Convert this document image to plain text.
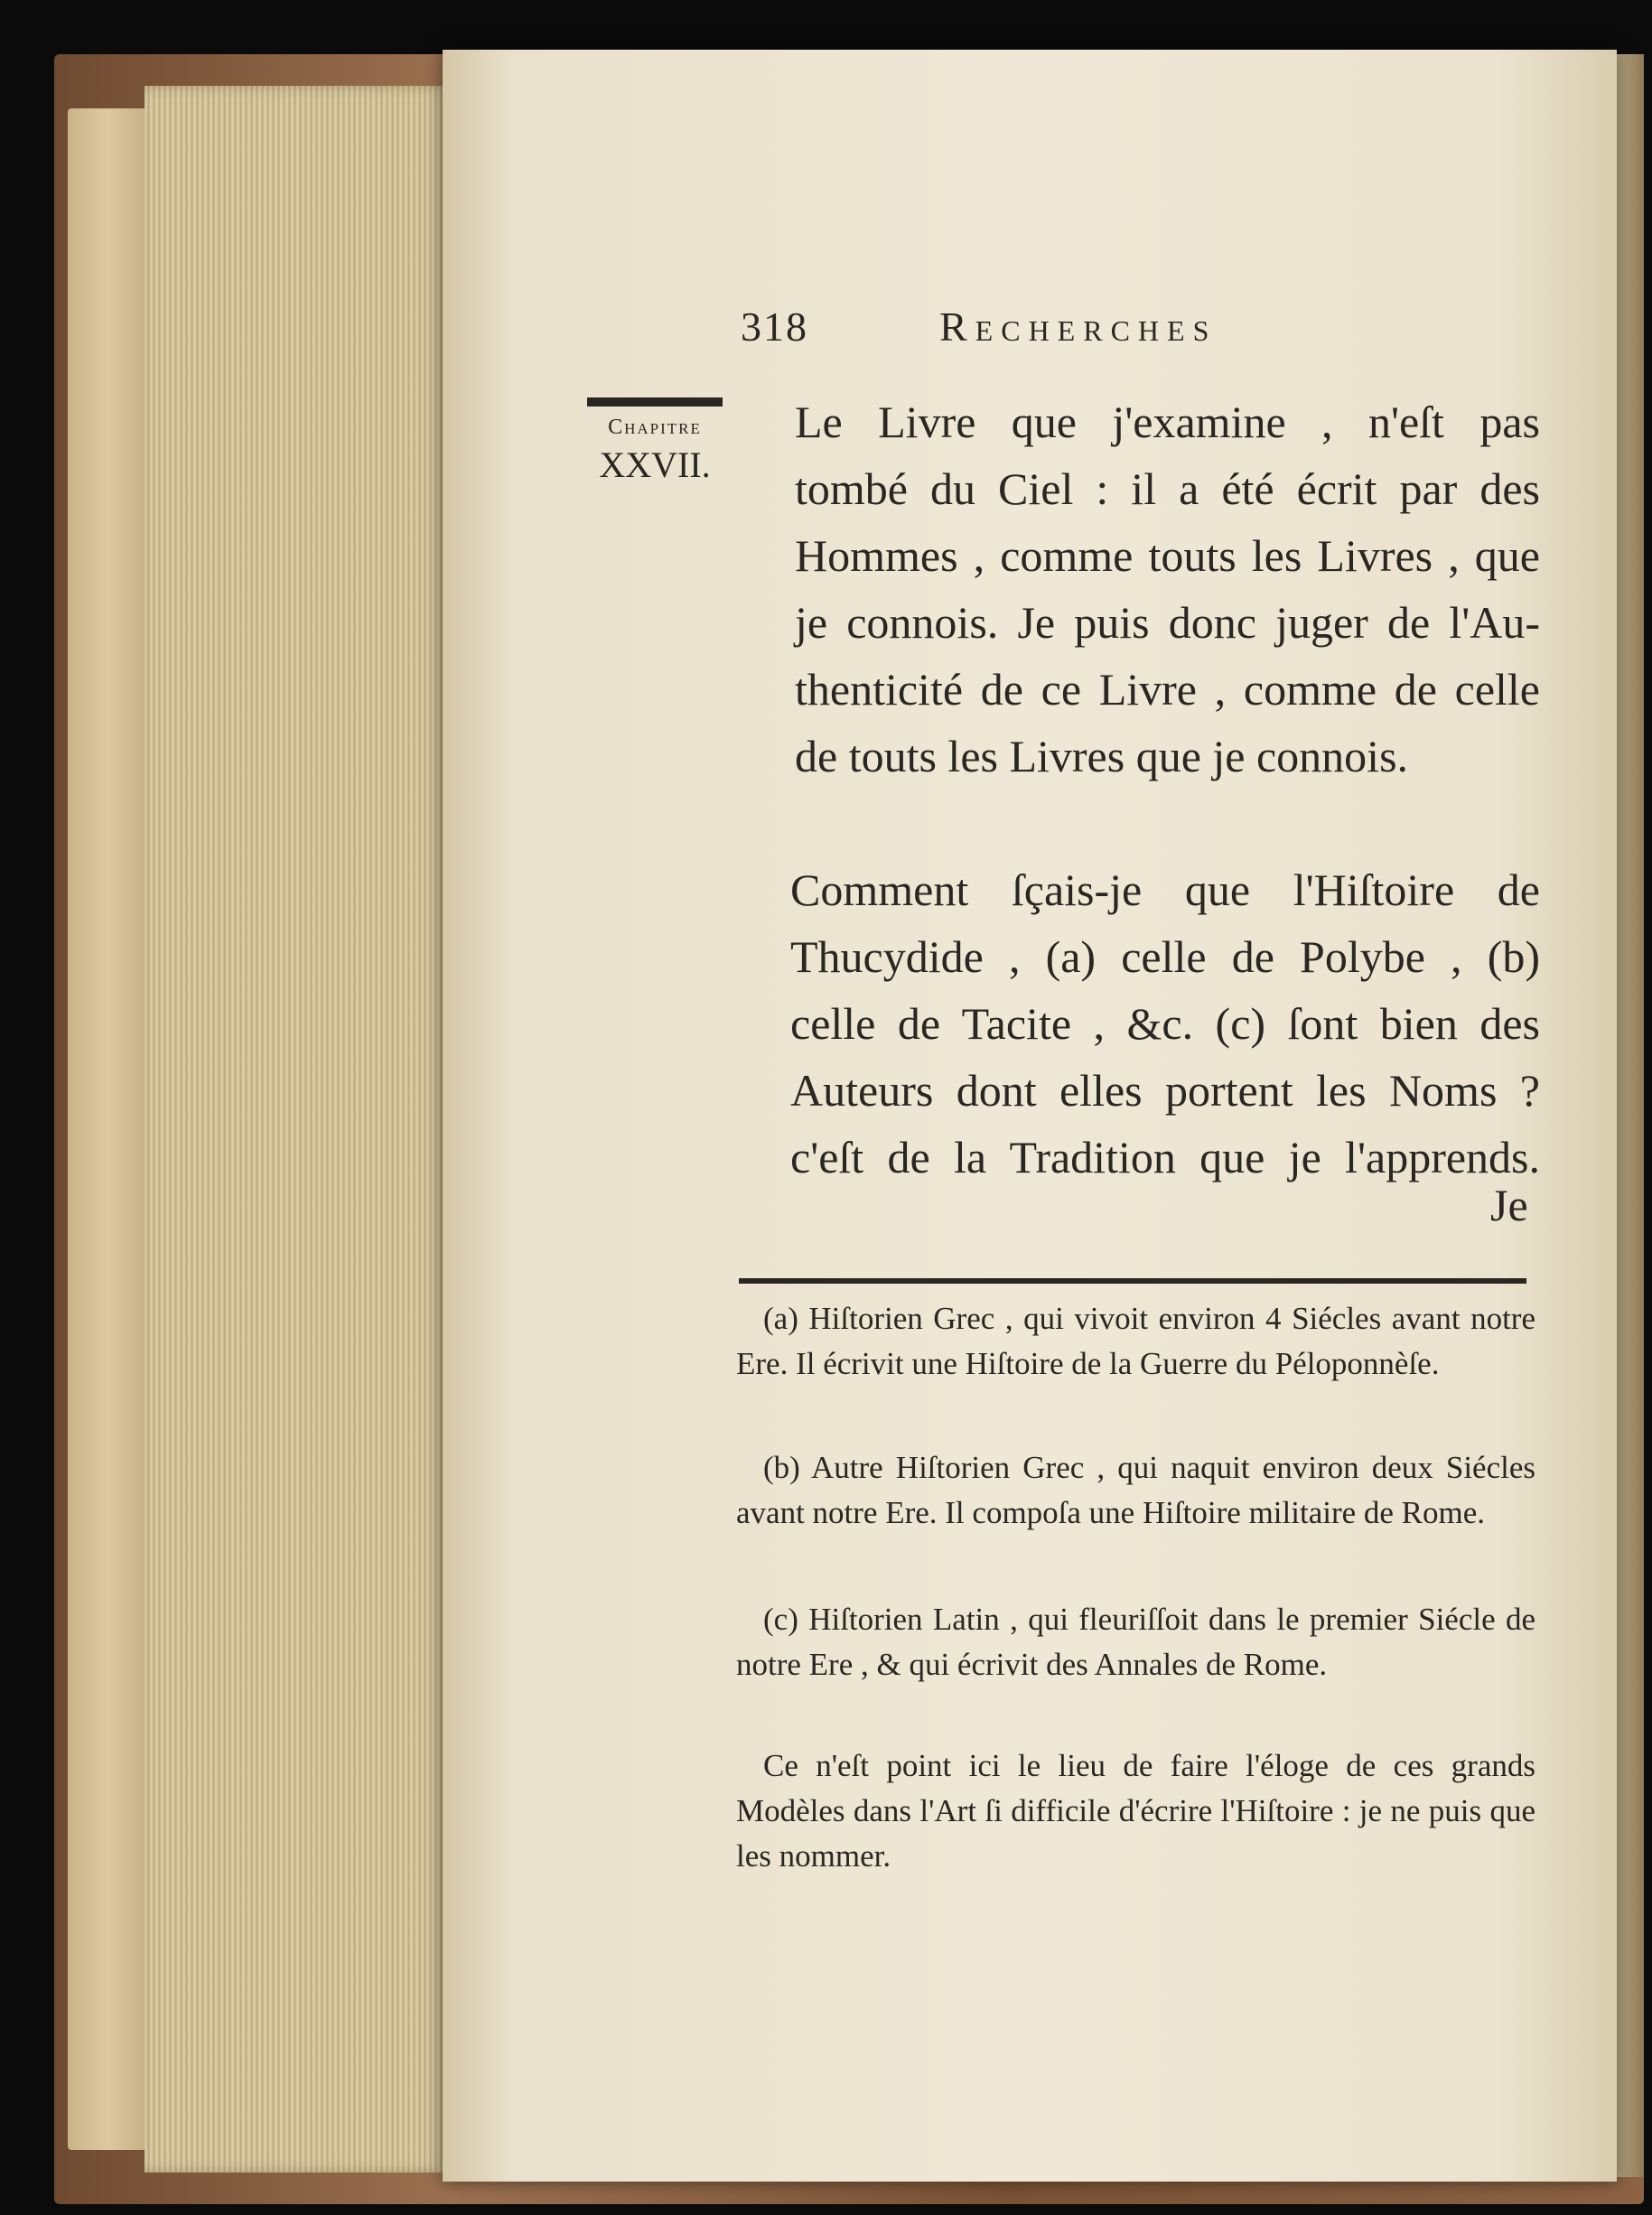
318	Recherches
Chapitre
XXVII.
Le Livre que j'examine , n'eſt pas
tombé du Ciel : il a été écrit par des
Hommes , comme touts les Livres , que
je connois. Je puis donc juger de l'Au-
thenticité de ce Livre , comme de celle
de touts les Livres que je connois.
Comment ſçais-je que l'Hiſtoire de
Thucydide , (a) celle de Polybe , (b)
celle de Tacite , &c. (c) ſont bien des
Auteurs dont elles portent les Noms ?
c'eſt de la Tradition que je l'apprends.
Je
(a) Hiſtorien Grec , qui vivoit environ 4 Siécles avant notre Ere. Il écrivit une Hiſtoire de la Guerre du Péloponnèſe.
(b) Autre Hiſtorien Grec , qui naquit environ deux Siécles avant notre Ere. Il compoſa une Hiſtoire militaire de Rome.
(c) Hiſtorien Latin , qui fleuriſſoit dans le premier Siécle de notre Ere , & qui écrivit des Annales de Rome.
Ce n'eſt point ici le lieu de faire l'éloge de ces grands Modèles dans l'Art ſi difficile d'écrire l'Hiſtoire : je ne puis que les nommer.
